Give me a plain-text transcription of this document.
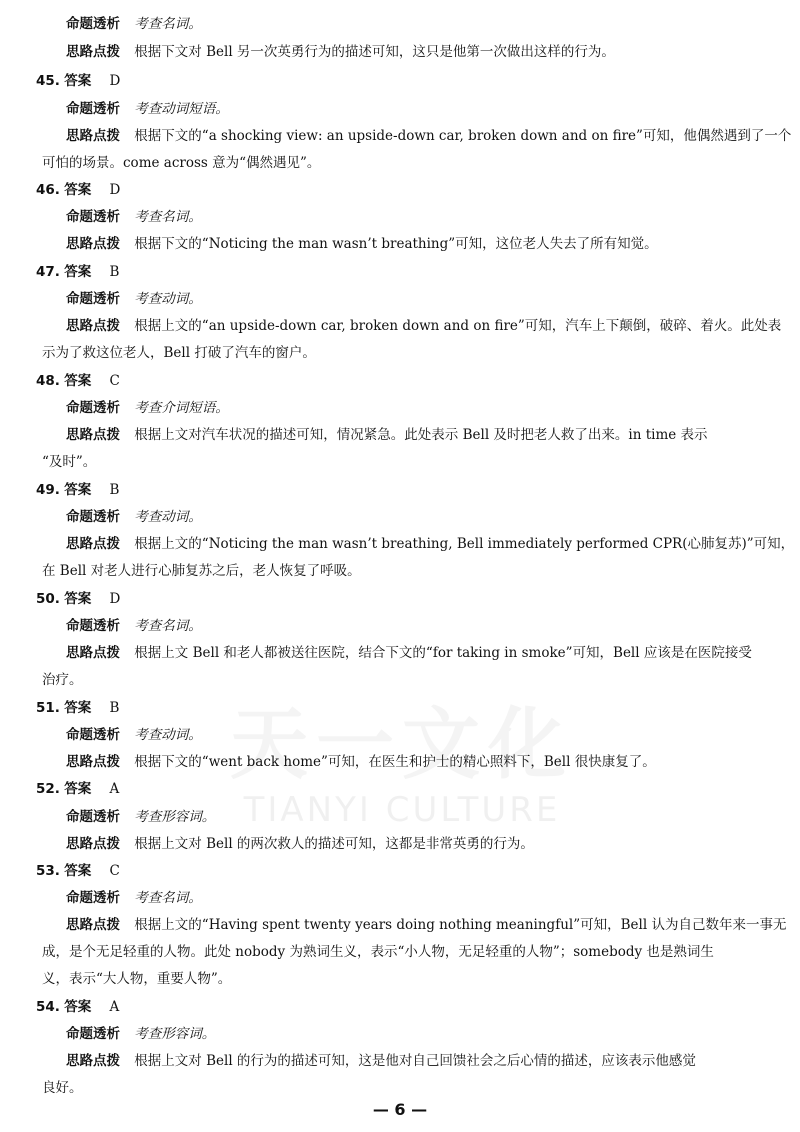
TIANYI CULTURE
命题透析 考查名词。
思路点拨 根据下文对 Bell 另一次英勇行为的描述可知，这只是他第一次做出这样的行为。
45. 答案 D
命题透析 考查动词短语。
思路点拨 根据下文的“a shocking view: an upside-down car, broken down and on fire”可知，他偶然遇到了一个
可怕的场景。come across 意为“偶然遇见”。
46. 答案 D
命题透析 考查名词。
思路点拨 根据下文的“Noticing the man wasn’t breathing”可知，这位老人失去了所有知觉。
47. 答案 B
命题透析 考查动词。
思路点拨 根据上文的“an upside-down car, broken down and on fire”可知，汽车上下颠倒，破碎、着火。此处表
示为了救这位老人，Bell 打破了汽车的窗户。
48. 答案 C
命题透析 考查介词短语。
思路点拨 根据上文对汽车状况的描述可知，情况紧急。此处表示 Bell 及时把老人救了出来。in time 表示
“及时”。
49. 答案 B
命题透析 考查动词。
思路点拨 根据上文的“Noticing the man wasn’t breathing, Bell immediately performed CPR(心肺复苏)”可知，
在 Bell 对老人进行心肺复苏之后，老人恢复了呼吸。
50. 答案 D
命题透析 考查名词。
思路点拨 根据上文 Bell 和老人都被送往医院，结合下文的“for taking in smoke”可知，Bell 应该是在医院接受
治疗。
51. 答案 B
命题透析 考查动词。
思路点拨 根据下文的“went back home”可知，在医生和护士的精心照料下，Bell 很快康复了。
52. 答案 A
命题透析 考查形容词。
思路点拨 根据上文对 Bell 的两次救人的描述可知，这都是非常英勇的行为。
53. 答案 C
命题透析 考查名词。
思路点拨 根据上文的“Having spent twenty years doing nothing meaningful”可知，Bell 认为自己数年来一事无
成，是个无足轻重的人物。此处 nobody 为熟词生义，表示“小人物，无足轻重的人物”；somebody 也是熟词生
义，表示“大人物，重要人物”。
54. 答案 A
命题透析 考查形容词。
思路点拨 根据上文对 Bell 的行为的描述可知，这是他对自己回馈社会之后心情的描述，应该表示他感觉
良好。
— 6 —
